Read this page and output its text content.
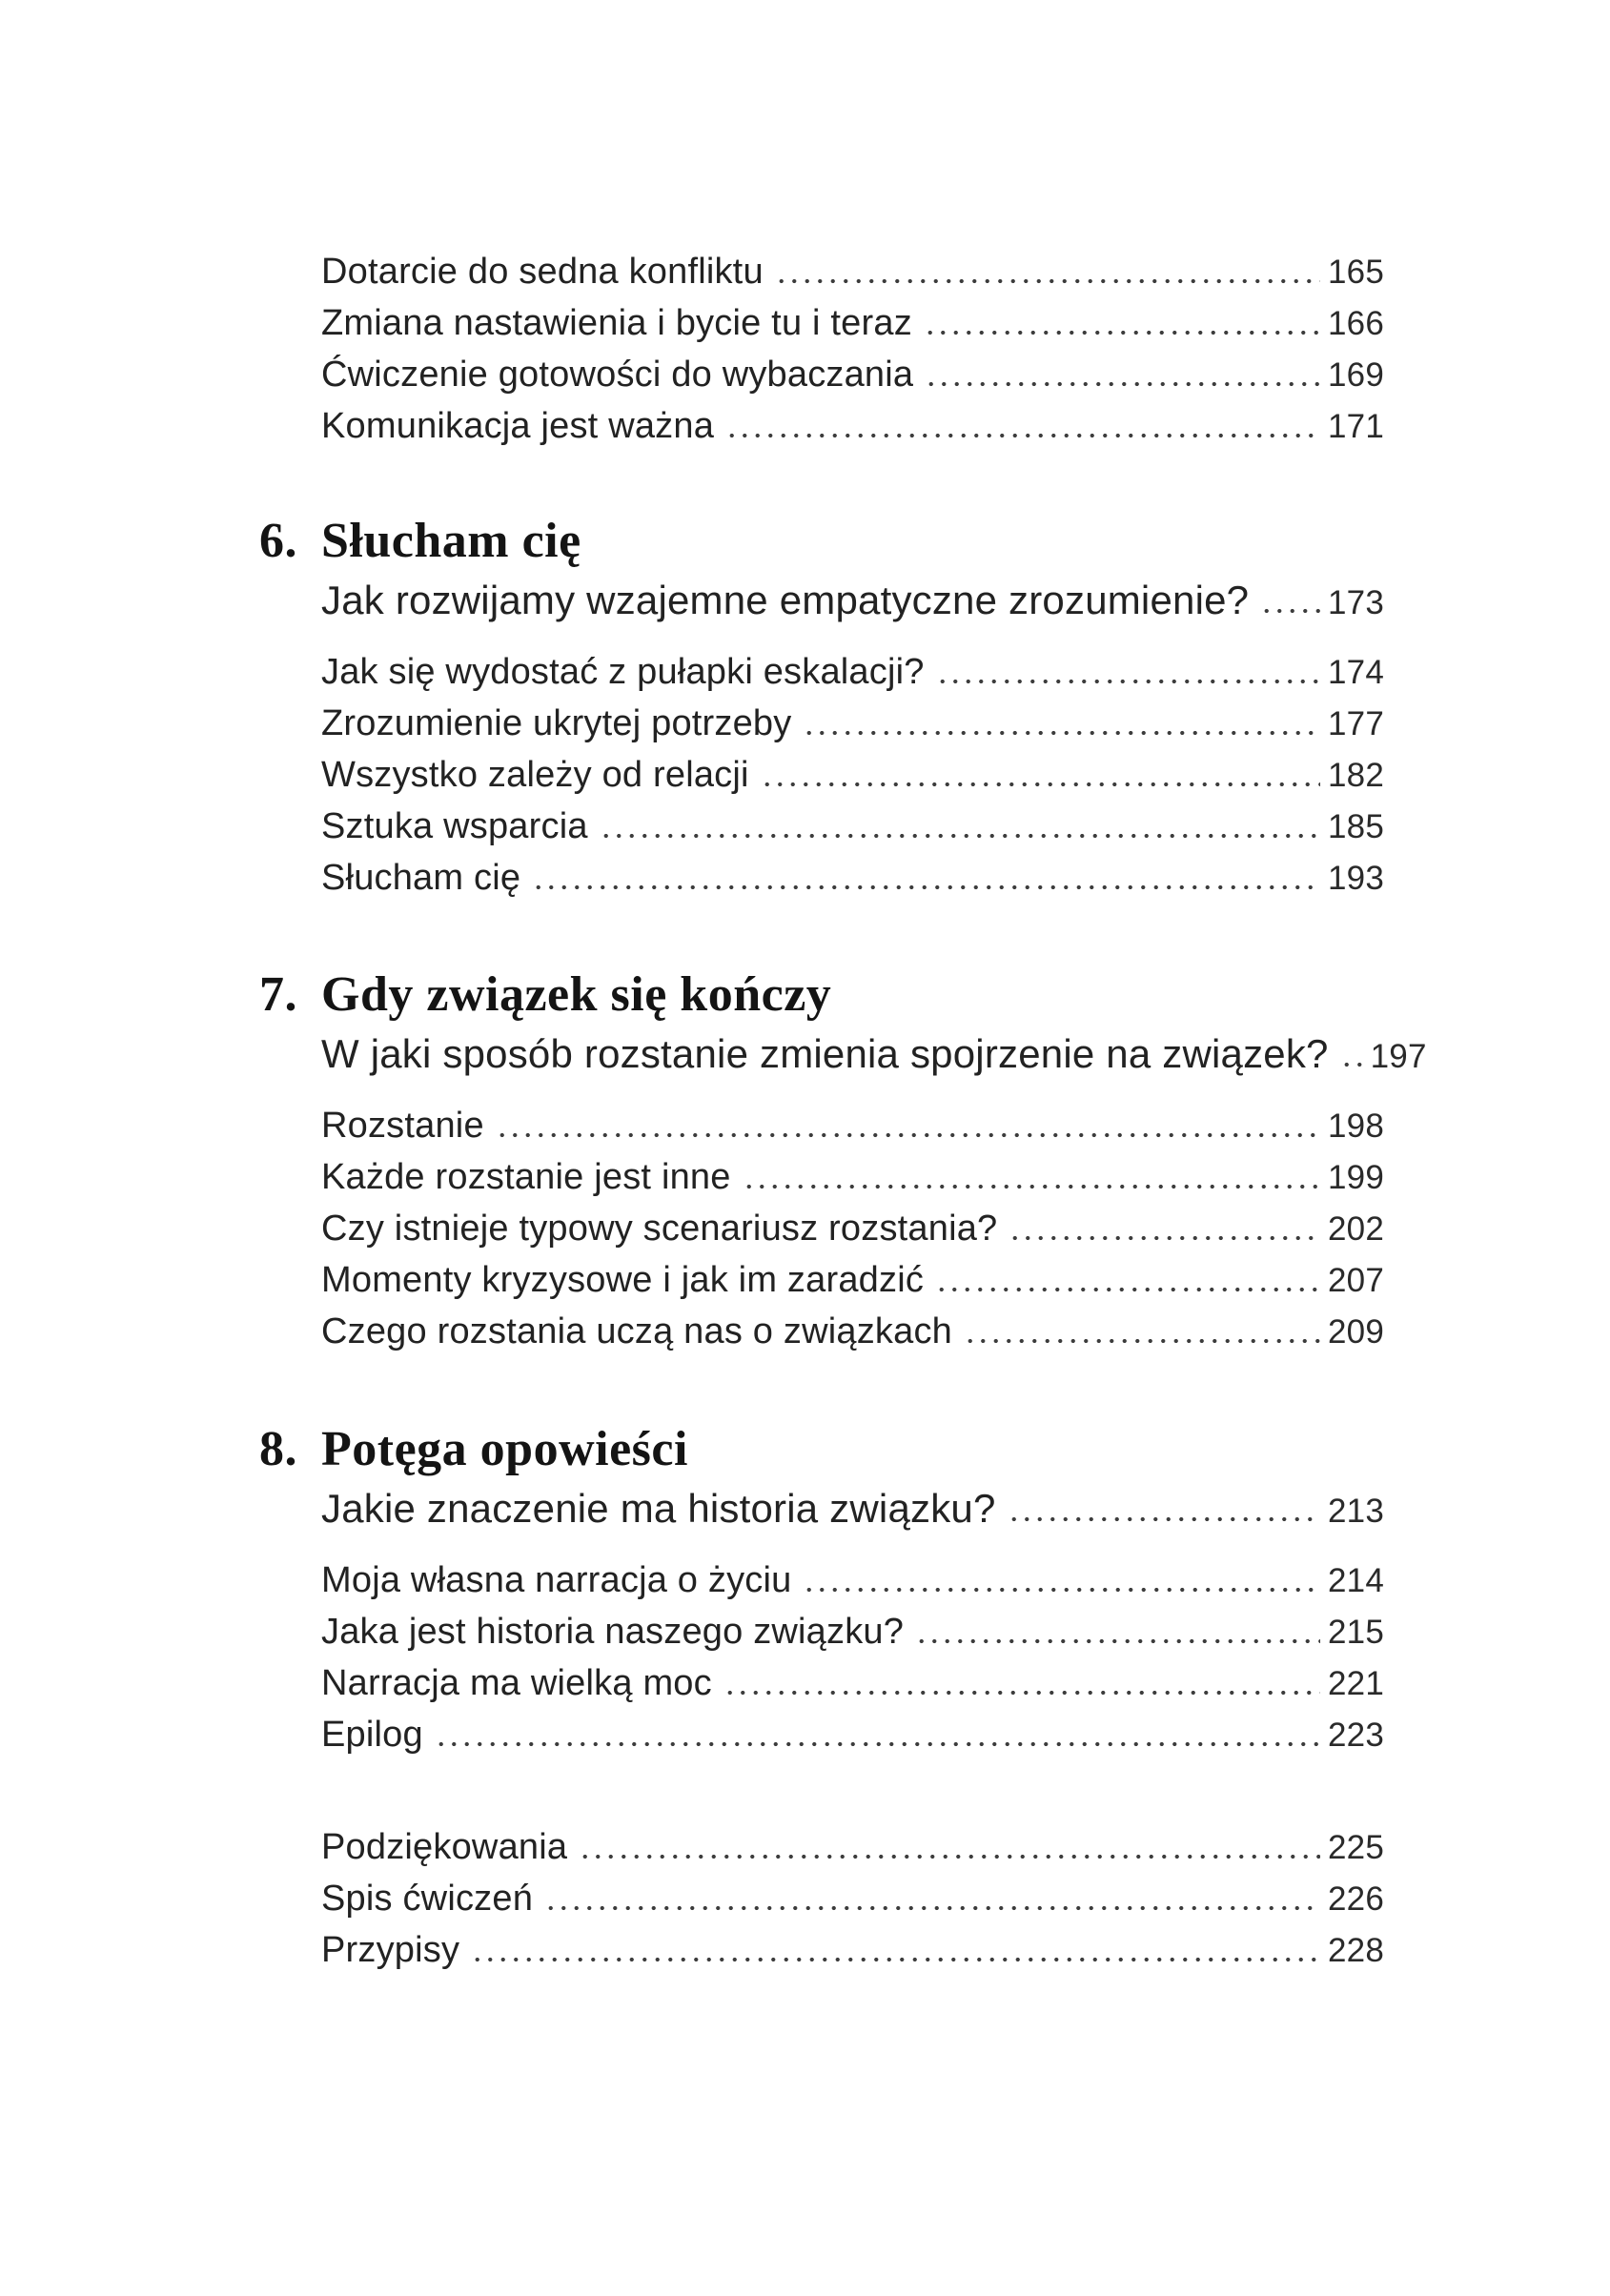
Dotarcie do sedna konfliktu	165
Zmiana nastawienia i bycie tu i teraz	166
Ćwiczenie gotowości do wybaczania	169
Komunikacja jest ważna	171
6. Słucham cię
Jak rozwijamy wzajemne empatyczne zrozumienie? 173
Jak się wydostać z pułapki eskalacji?	174
Zrozumienie ukrytej potrzeby	177
Wszystko zależy od relacji	182
Sztuka wsparcia	185
Słucham cię	193
7. Gdy związek się kończy
W jaki sposób rozstanie zmienia spojrzenie na związek? 197
Rozstanie	198
Każde rozstanie jest inne	199
Czy istnieje typowy scenariusz rozstania?	202
Momenty kryzysowe i jak im zaradzić	207
Czego rozstania uczą nas o związkach	209
8. Potęga opowieści
Jakie znaczenie ma historia związku?	213
Moja własna narracja o życiu	214
Jaka jest historia naszego związku?	215
Narracja ma wielką moc	221
Epilog	223
Podziękowania	225
Spis ćwiczeń	226
Przypisy	228
